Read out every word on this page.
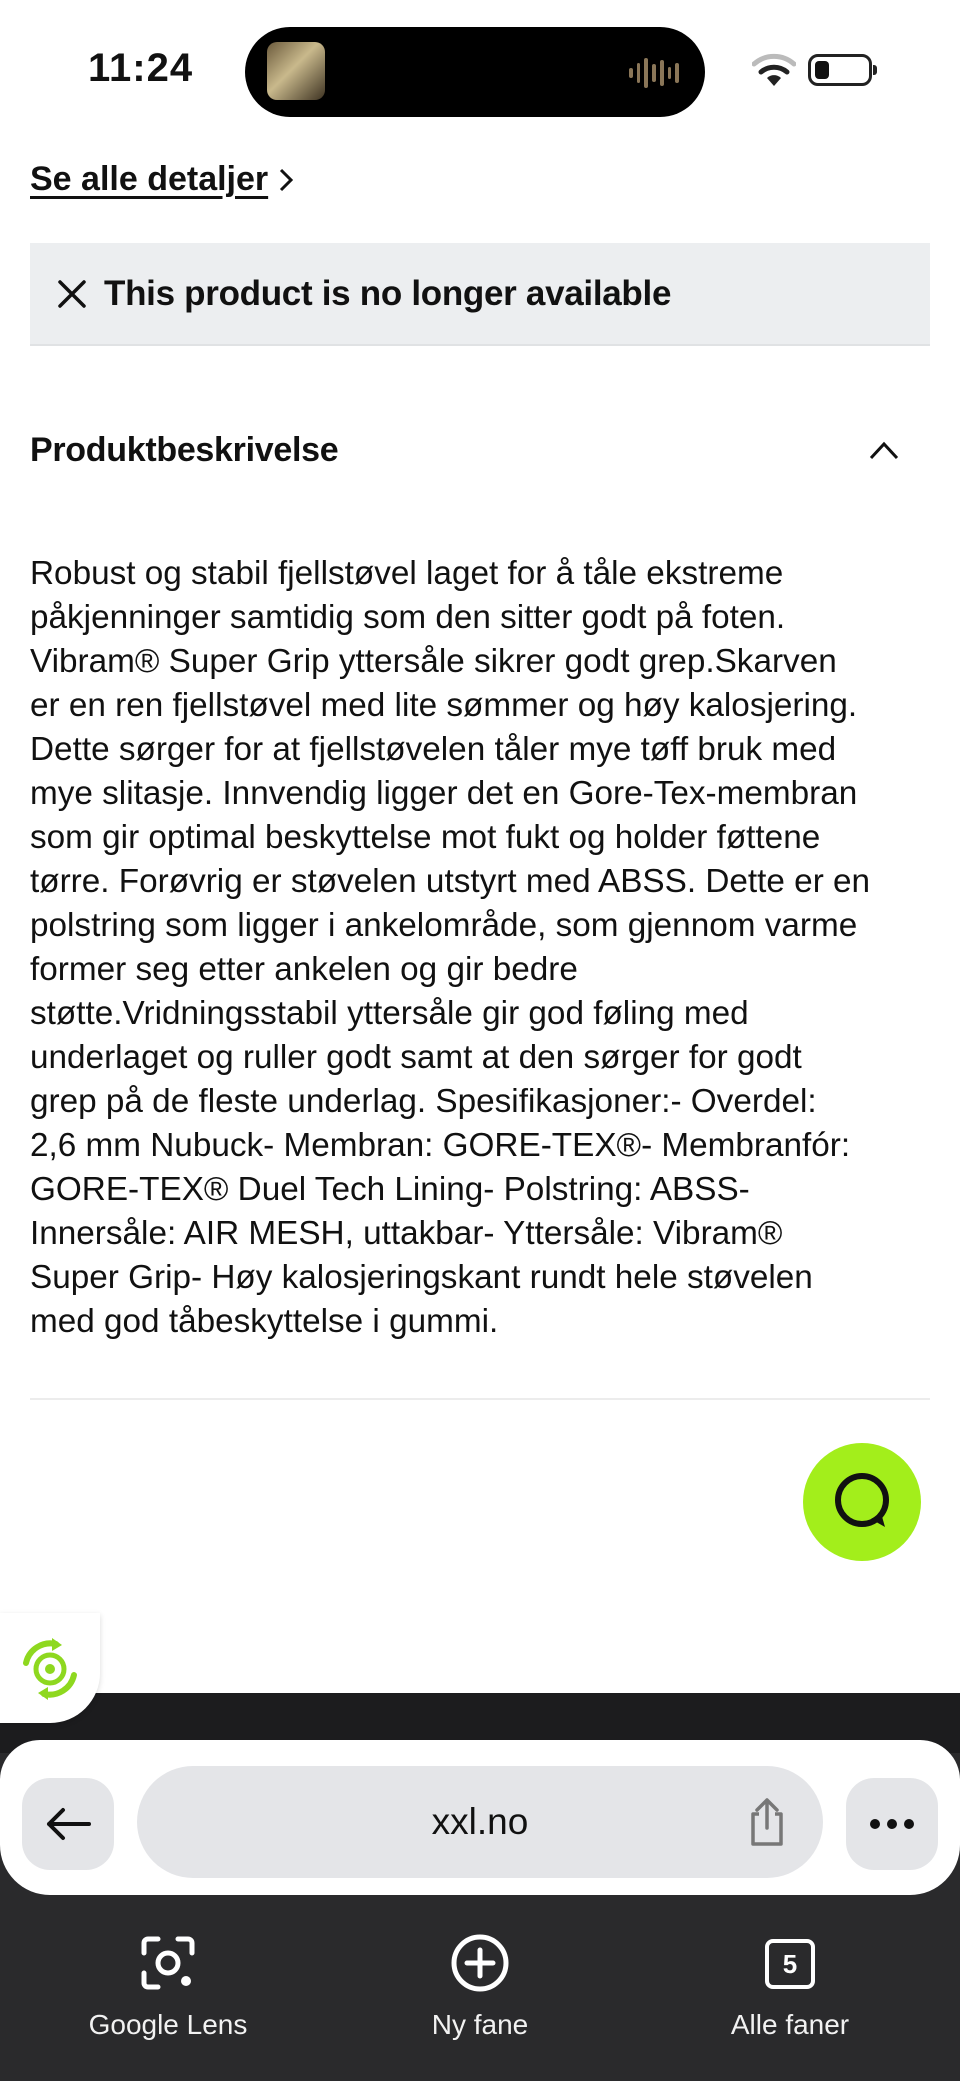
11:24
Se alle detaljer
This product is no longer available
Produktbeskrivelse
Robust og stabil fjellstøvel laget for å tåle ekstreme
påkjenninger samtidig som den sitter godt på foten.
Vibram® Super Grip yttersåle sikrer godt grep.Skarven
er en ren fjellstøvel med lite sømmer og høy kalosjering.
Dette sørger for at fjellstøvelen tåler mye tøff bruk med
mye slitasje. Innvendig ligger det en Gore-Tex-membran
som gir optimal beskyttelse mot fukt og holder føttene
tørre. Forøvrig er støvelen utstyrt med ABSS. Dette er en
polstring som ligger i ankelområde, som gjennom varme
former seg etter ankelen og gir bedre
støtte.Vridningsstabil yttersåle gir god føling med
underlaget og ruller godt samt at den sørger for godt
grep på de fleste underlag. Spesifikasjoner:- Overdel:
2,6 mm Nubuck- Membran: GORE-TEX®- Membranfór:
GORE-TEX® Duel Tech Lining- Polstring: ABSS-
Innersåle: AIR MESH, uttakbar- Yttersåle: Vibram®
Super Grip- Høy kalosjeringskant rundt hele støvelen
med god tåbeskyttelse i gummi.
Google Lens	Ny fane
5
Alle faner
xxl.no
